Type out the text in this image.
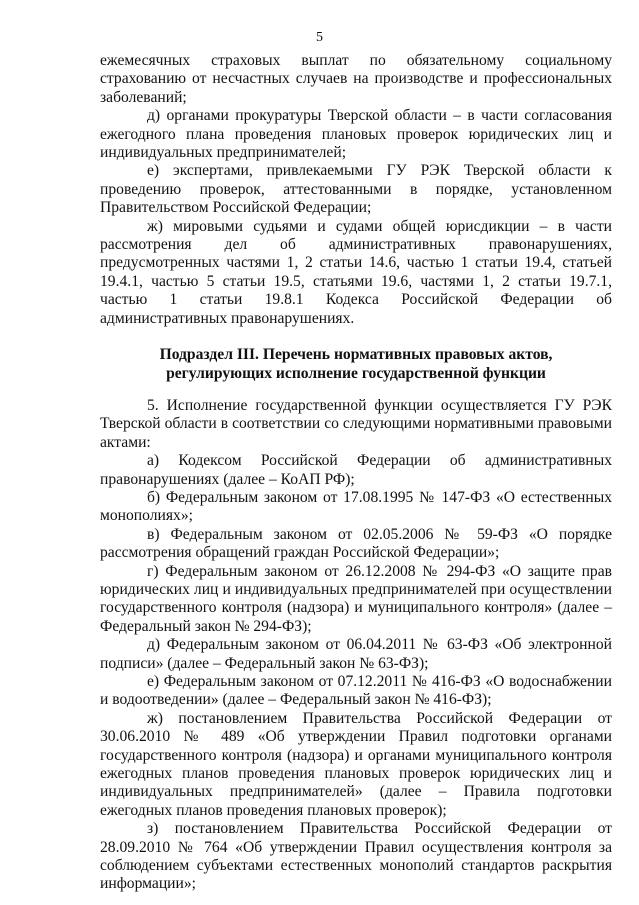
5

ежемесячных страховых выплат по обязательному социальному страхованию от несчастных случаев на производстве и профессиональных заболеваний;

д) органами прокуратуры Тверской области – в части согласования ежегодного плана проведения плановых проверок юридических лиц и индивидуальных предпринимателей;

е) экспертами, привлекаемыми ГУ РЭК Тверской области к проведению проверок, аттестованными в порядке, установленном Правительством Российской Федерации;

ж) мировыми судьями и судами общей юрисдикции – в части рассмотрения дел об административных правонарушениях, предусмотренных частями 1, 2 статьи 14.6, частью 1 статьи 19.4, статьей 19.4.1, частью 5 статьи 19.5, статьями 19.6, частями 1, 2 статьи 19.7.1, частью 1 статьи 19.8.1 Кодекса Российской Федерации об административных правонарушениях.

Подраздел III. Перечень нормативных правовых актов,
регулирующих исполнение государственной функции

5. Исполнение государственной функции осуществляется ГУ РЭК Тверской области в соответствии со следующими нормативными правовыми актами:

а) Кодексом Российской Федерации об административных правонарушениях (далее – КоАП РФ);

б) Федеральным законом от 17.08.1995 № 147-ФЗ «О естественных монополиях»;

в) Федеральным законом от 02.05.2006 № 59-ФЗ «О порядке рассмотрения обращений граждан Российской Федерации»;

г) Федеральным законом от 26.12.2008 № 294-ФЗ «О защите прав юридических лиц и индивидуальных предпринимателей при осуществлении государственного контроля (надзора) и муниципального контроля» (далее – Федеральный закон № 294-ФЗ);

д) Федеральным законом от 06.04.2011 № 63-ФЗ «Об электронной подписи» (далее – Федеральный закон № 63-ФЗ);

е) Федеральным законом от 07.12.2011 № 416-ФЗ «О водоснабжении и водоотведении» (далее – Федеральный закон № 416-ФЗ);

ж) постановлением Правительства Российской Федерации от 30.06.2010 № 489 «Об утверждении Правил подготовки органами государственного контроля (надзора) и органами муниципального контроля ежегодных планов проведения плановых проверок юридических лиц и индивидуальных предпринимателей» (далее – Правила подготовки ежегодных планов проведения плановых проверок);

з) постановлением Правительства Российской Федерации от 28.09.2010 № 764 «Об утверждении Правил осуществления контроля за соблюдением субъектами естественных монополий стандартов раскрытия информации»;
